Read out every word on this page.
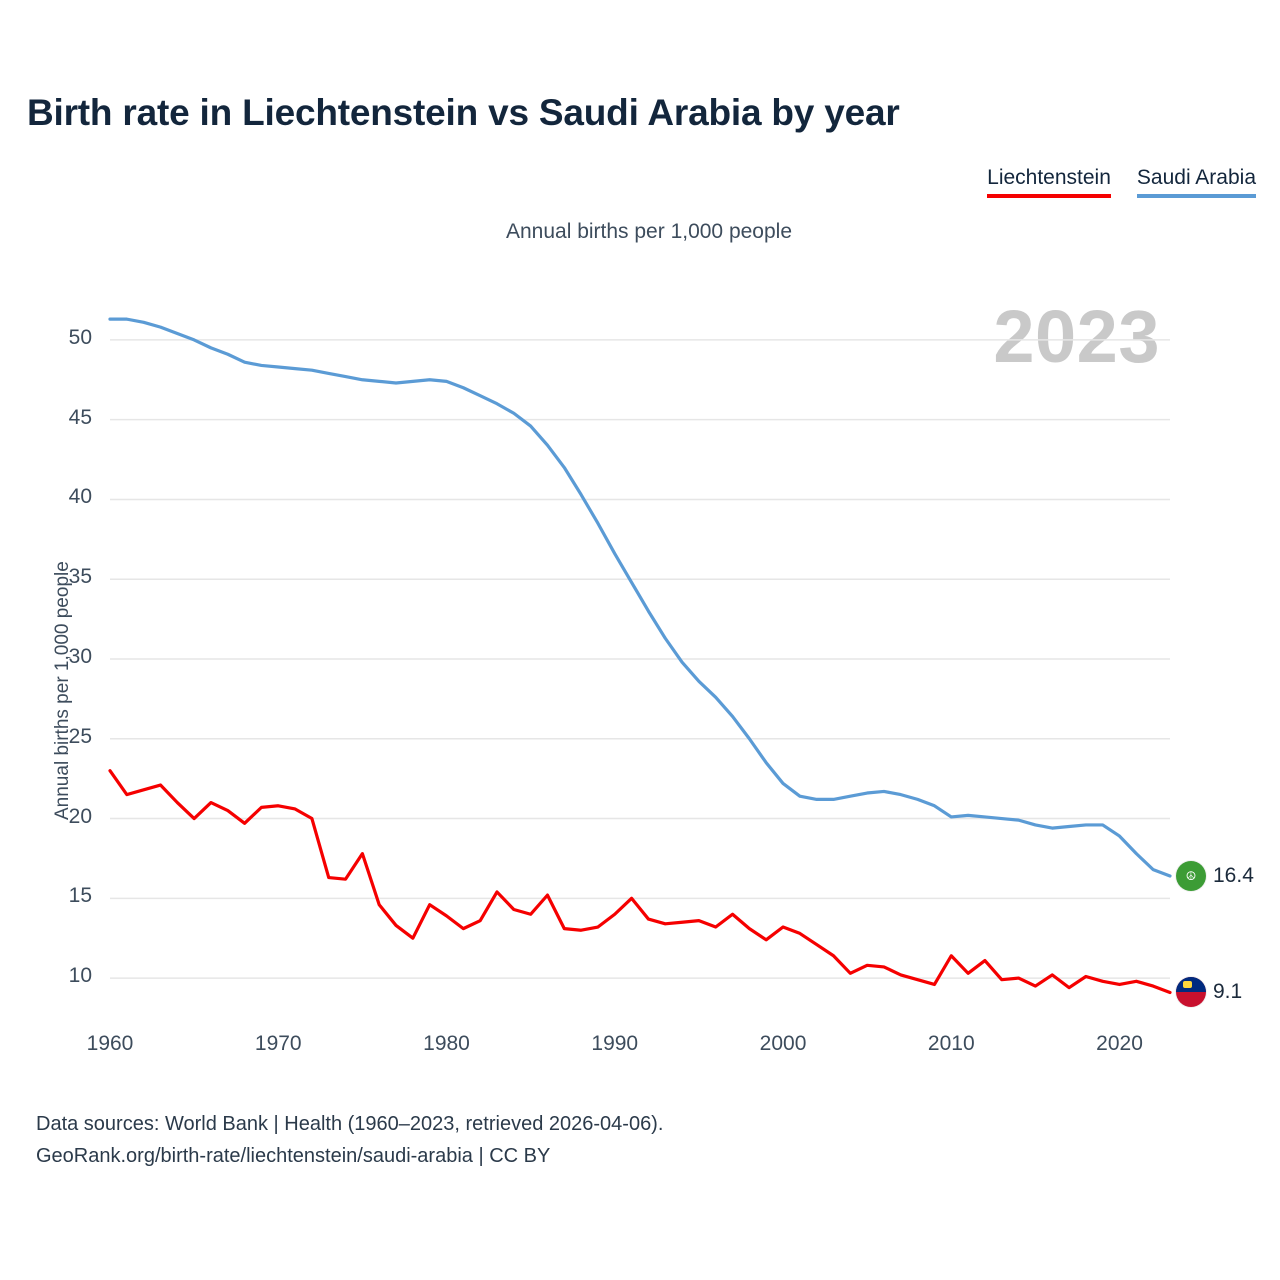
Birth rate in Liechtenstein vs Saudi Arabia by year
Liechtenstein Saudi Arabia
Annual births per 1,000 people
2023
Annual births per 1,000 people
10
15
20
25
30
35
40
45
50
1960	1970	1980	1990	2000	2010	2020
☮ 16.4
9.1
Data sources: World Bank | Health (1960–2023, retrieved 2026-04-06).
GeoRank.org/birth-rate/liechtenstein/saudi-arabia | CC BY
